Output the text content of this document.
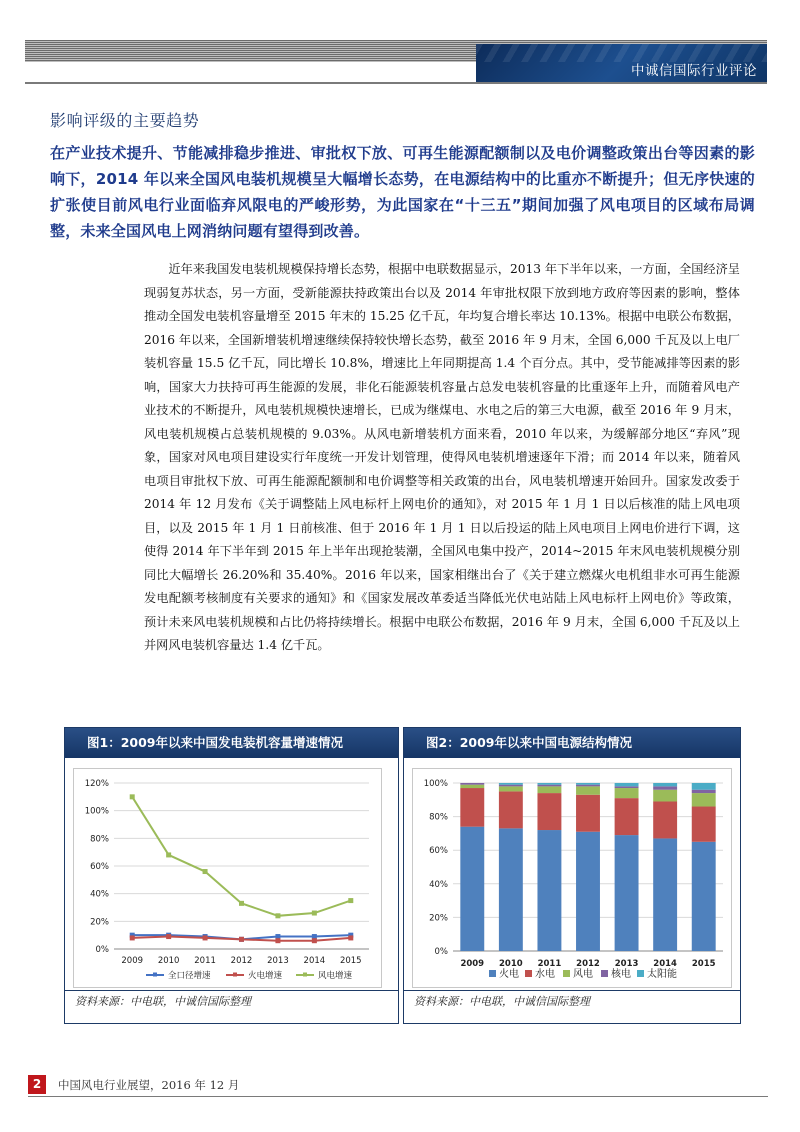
中诚信国际行业评论
影响评级的主要趋势
在产业技术提升、节能减排稳步推进、审批权下放、可再生能源配额制以及电价调整政策出台等因素的影响下，2014 年以来全国风电装机规模呈大幅增长态势，在电源结构中的比重亦不断提升；但无序快速的扩张使目前风电行业面临弃风限电的严峻形势，为此国家在“十三五”期间加强了风电项目的区域布局调整，未来全国风电上网消纳问题有望得到改善。

近年来我国发电装机规模保持增长态势，根据中电联数据显示，2013 年下半年以来，一方面，全国经济呈现弱复苏状态，另一方面，受新能源扶持政策出台以及 2014 年审批权限下放到地方政府等因素的影响，整体推动全国发电装机容量增至 2015 年末的 15.25 亿千瓦，年均复合增长率达 10.13%。根据中电联公布数据，2016 年以来，全国新增装机增速继续保持较快增长态势，截至 2016 年 9 月末，全国 6,000 千瓦及以上电厂装机容量 15.5 亿千瓦，同比增长 10.8%，增速比上年同期提高 1.4 个百分点。其中，受节能减排等因素的影响，国家大力扶持可再生能源的发展，非化石能源装机容量占总发电装机容量的比重逐年上升，而随着风电产业技术的不断提升，风电装机规模快速增长，已成为继煤电、水电之后的第三大电源，截至 2016 年 9 月末，风电装机规模占总装机规模的 9.03%。从风电新增装机方面来看，2010 年以来，为缓解部分地区“弃风”现象，国家对风电项目建设实行年度统一开发计划管理，使得风电装机增速逐年下滑；而 2014 年以来，随着风电项目审批权下放、可再生能源配额制和电价调整等相关政策的出台，风电装机增速开始回升。国家发改委于 2014 年 12 月发布《关于调整陆上风电标杆上网电价的通知》，对 2015 年 1 月 1 日以后核准的陆上风电项目，以及 2015 年 1 月 1 日前核准、但于 2016 年 1 月 1 日以后投运的陆上风电项目上网电价进行下调，这使得 2014 年下半年到 2015 年上半年出现抢装潮，全国风电集中投产，2014~2015 年末风电装机规模分别同比大幅增长 26.20%和 35.40%。2016 年以来，国家相继出台了《关于建立燃煤火电机组非水可再生能源发电配额考核制度有关要求的通知》和《国家发展改革委适当降低光伏电站陆上风电标杆上网电价》等政策，预计未来风电装机规模和占比仍将持续增长。根据中电联公布数据，2016 年 9 月末，全国 6,000 千瓦及以上并网风电装机容量达 1.4 亿千瓦。

图1：2009年以来中国发电装机容量增速情况
0%
20%
40%
60%
80%
100%
120%
2009 2010 2011 2012 2013 2014 2015
全口径增速	火电增速	风电增速
资料来源：中电联，中诚信国际整理
图2：2009年以来中国电源结构情况
0%
20%
40%
60%
80%
100%
2009 2010 2011 2012 2013 2014 2015
火电 水电 风电 核电 太阳能
资料来源：中电联，中诚信国际整理
2	中国风电行业展望，2016 年 12 月
